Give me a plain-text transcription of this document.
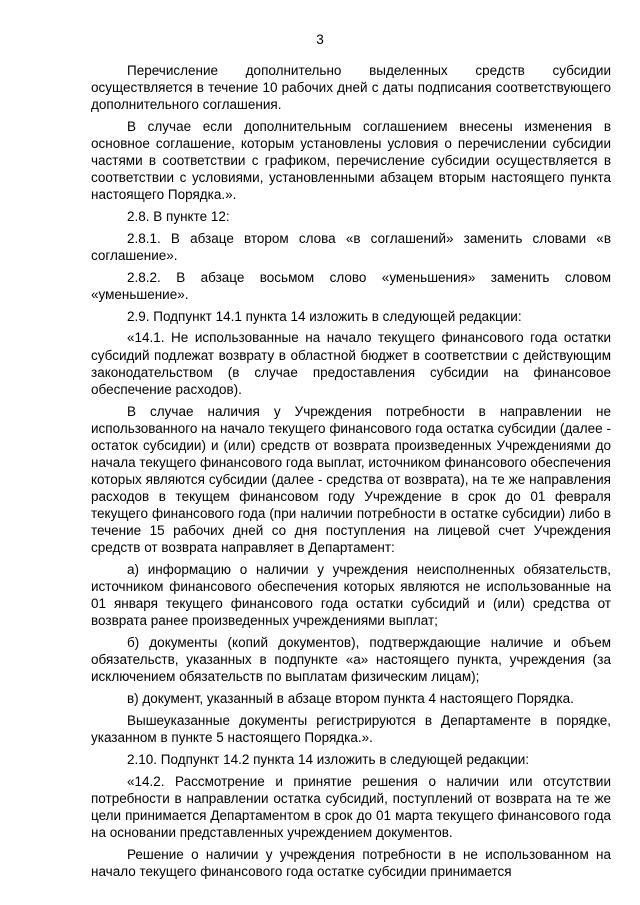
3

Перечисление дополнительно выделенных средств субсидии осуществляется в течение 10 рабочих дней с даты подписания соответствующего дополнительного соглашения.

В случае если дополнительным соглашением внесены изменения в основное соглашение, которым установлены условия о перечислении субсидии частями в соответствии с графиком, перечисление субсидии осуществляется в соответствии с условиями, установленными абзацем вторым настоящего пункта настоящего Порядка.».

2.8. В пункте 12:

2.8.1. В абзаце втором слова «в соглашений» заменить словами «в соглашение».

2.8.2. В абзаце восьмом слово «уменьшения» заменить словом «уменьшение».

2.9. Подпункт 14.1 пункта 14 изложить в следующей редакции:

«14.1. Не использованные на начало текущего финансового года остатки субсидий подлежат возврату в областной бюджет в соответствии с действующим законодательством (в случае предоставления субсидии на финансовое обеспечение расходов).

В случае наличия у Учреждения потребности в направлении не использованного на начало текущего финансового года остатка субсидии (далее - остаток субсидии) и (или) средств от возврата произведенных Учреждениями до начала текущего финансового года выплат, источником финансового обеспечения которых являются субсидии (далее - средства от возврата), на те же направления расходов в текущем финансовом году Учреждение в срок до 01 февраля текущего финансового года (при наличии потребности в остатке субсидии) либо в течение 15 рабочих дней со дня поступления на лицевой счет Учреждения средств от возврата направляет в Департамент:

а) информацию о наличии у учреждения неисполненных обязательств, источником финансового обеспечения которых являются не использованные на 01 января текущего финансового года остатки субсидий и (или) средства от возврата ранее произведенных учреждениями выплат;

б) документы (копий документов), подтверждающие наличие и объем обязательств, указанных в подпункте «а» настоящего пункта, учреждения (за исключением обязательств по выплатам физическим лицам);

в) документ, указанный в абзаце втором пункта 4 настоящего Порядка.

Вышеуказанные документы регистрируются в Департаменте в порядке, указанном в пункте 5 настоящего Порядка.».

2.10. Подпункт 14.2 пункта 14 изложить в следующей редакции:

«14.2. Рассмотрение и принятие решения о наличии или отсутствии потребности в направлении остатка субсидий, поступлений от возврата на те же цели принимается Департаментом в срок до 01 марта текущего финансового года на основании представленных учреждением документов.

Решение о наличии у учреждения потребности в не использованном на начало текущего финансового года остатке субсидии принимается
